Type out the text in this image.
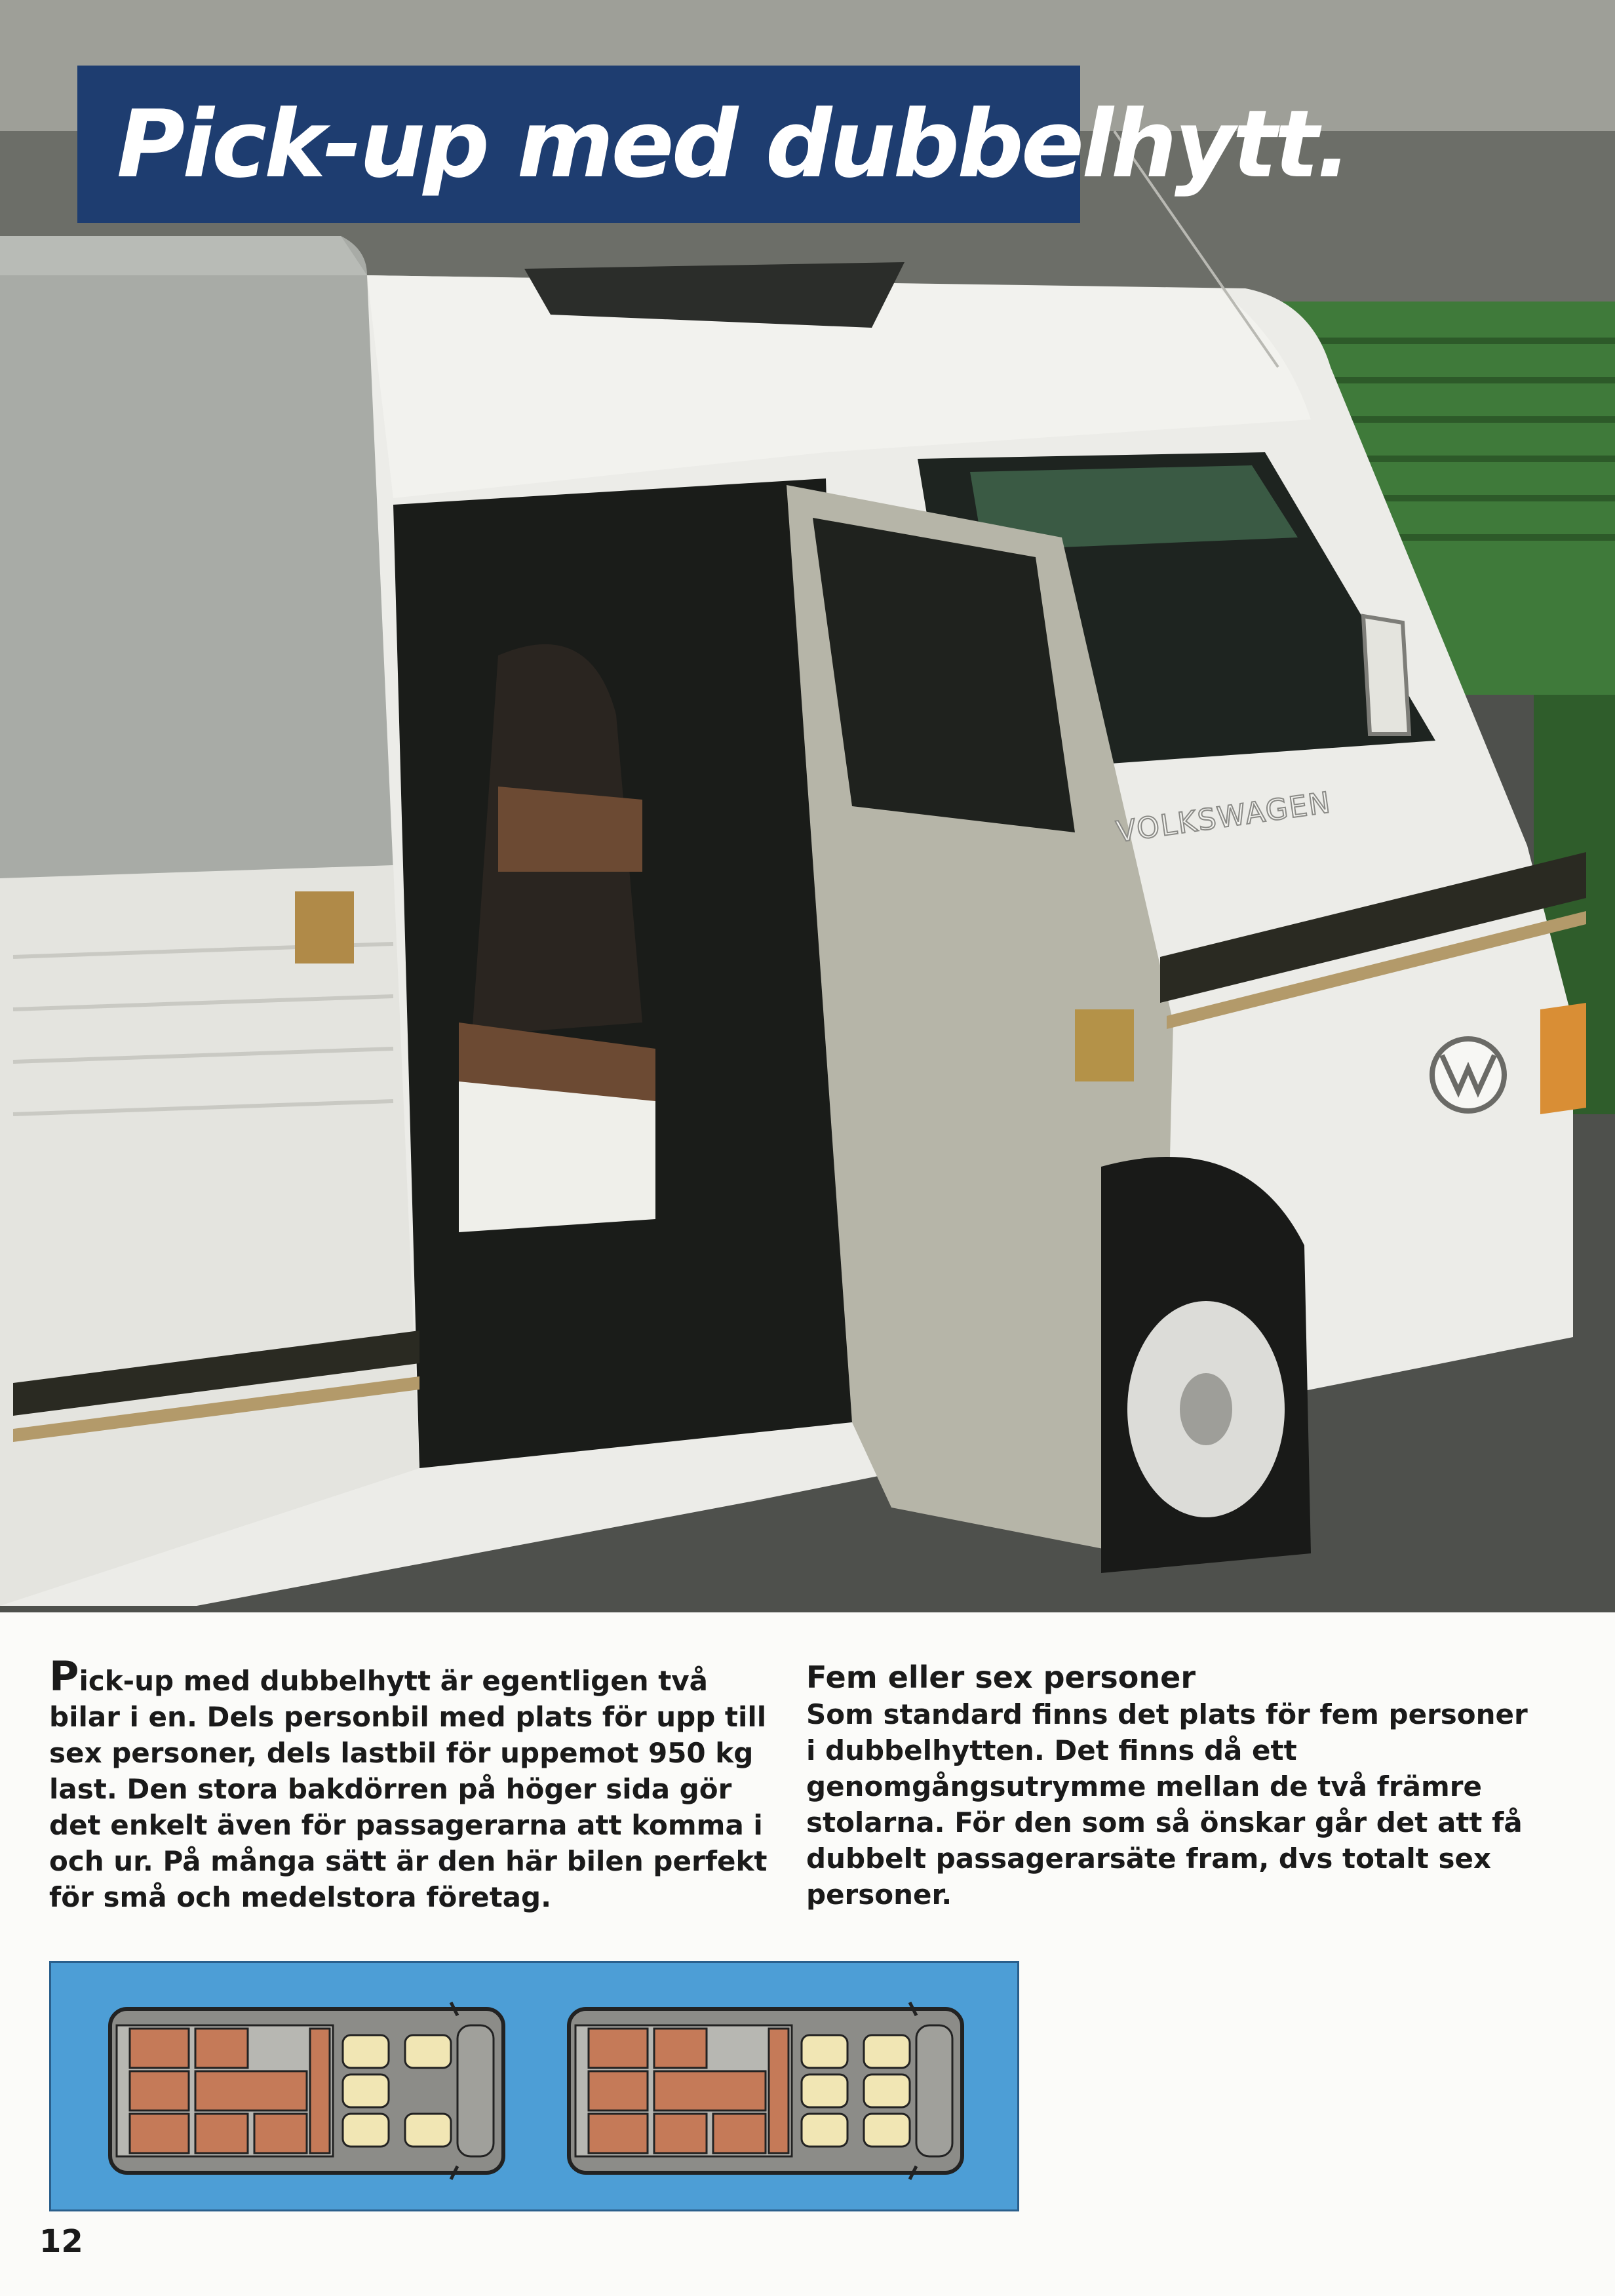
VOLKSWAGEN
Pick-up med dubbelhytt.
Pick-up med dubbelhytt är egentligen två bilar i en. Dels personbil med plats för upp till sex personer, dels lastbil för uppemot 950 kg last. Den stora bakdörren på höger sida gör det enkelt även för passagerarna att komma i och ur. På många sätt är den här bilen perfekt för små och medelstora företag.
Fem eller sex personer
Som standard finns det plats för fem personer i dubbelhytten. Det finns då ett genomgångsutrymme mellan de två främre stolarna. För den som så önskar går det att få dubbelt passagerarsäte fram, dvs totalt sex personer.
12
